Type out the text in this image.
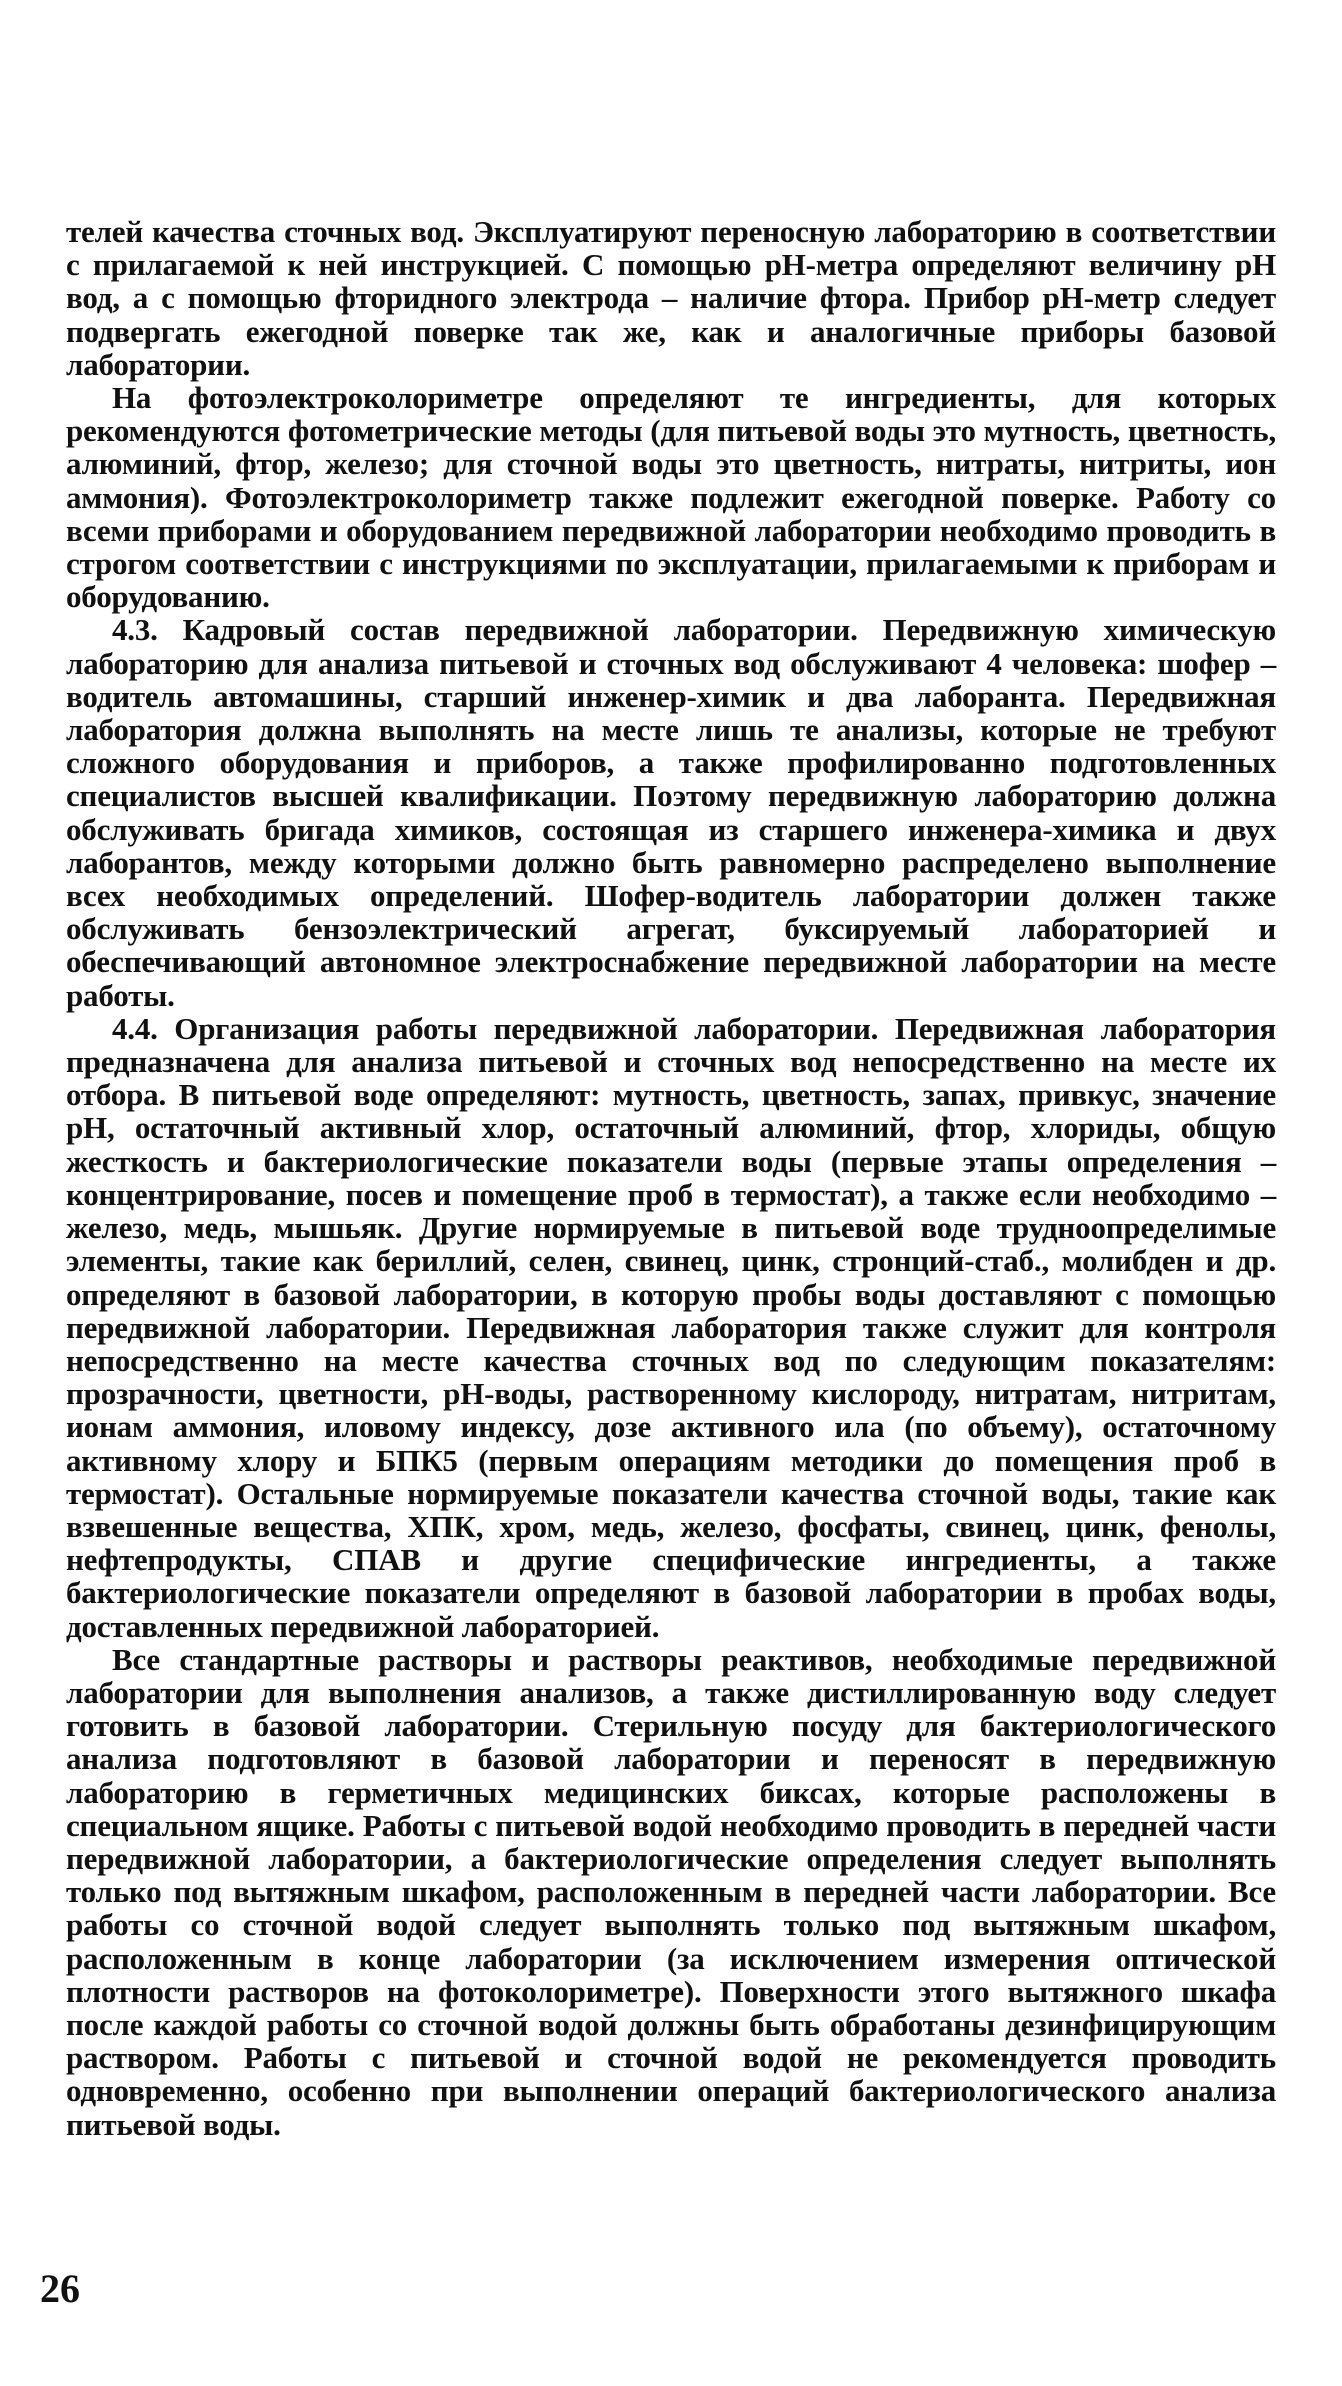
телей качества сточных вод. Эксплуатируют переносную лабораторию в соответствии с прилагаемой к ней инструкцией. С помощью рН-метра определяют величину рН вод, а с помощью фторидного электрода – наличие фтора. Прибор рН-метр следует подвергать ежегодной поверке так же, как и аналогичные приборы базовой лаборатории.

На фотоэлектроколориметре определяют те ингредиенты, для которых рекомендуются фотометрические методы (для питьевой воды это мутность, цветность, алюминий, фтор, железо; для сточной воды это цветность, нитраты, нитриты, ион аммония). Фотоэлектроколориметр также подлежит ежегодной поверке. Работу со всеми приборами и оборудованием передвижной лаборатории необходимо проводить в строгом соответствии с инструкциями по эксплуатации, прилагаемыми к приборам и оборудованию.

4.3. Кадровый состав передвижной лаборатории. Передвижную химическую лабораторию для анализа питьевой и сточных вод обслуживают 4 человека: шофер – водитель автомашины, старший инженер-химик и два лаборанта. Передвижная лаборатория должна выполнять на месте лишь те анализы, которые не требуют сложного оборудования и приборов, а также профилированно подготовленных специалистов высшей квалификации. Поэтому передвижную лабораторию должна обслуживать бригада химиков, состоящая из старшего инженера-химика и двух лаборантов, между которыми должно быть равномерно распределено выполнение всех необходимых определений. Шофер-водитель лаборатории должен также обслуживать бензоэлектрический агрегат, буксируемый лабораторией и обеспечивающий автономное электроснабжение передвижной лаборатории на месте работы.

4.4. Организация работы передвижной лаборатории. Передвижная лаборатория предназначена для анализа питьевой и сточных вод непосредственно на месте их отбора. В питьевой воде определяют: мутность, цветность, запах, привкус, значение рН, остаточный активный хлор, остаточный алюминий, фтор, хлориды, общую жесткость и бактериологические показатели воды (первые этапы определения – концентрирование, посев и помещение проб в термостат), а также если необходимо – железо, медь, мышьяк. Другие нормируемые в питьевой воде трудноопределимые элементы, такие как бериллий, селен, свинец, цинк, стронций-стаб., молибден и др. определяют в базовой лаборатории, в которую пробы воды доставляют с помощью передвижной лаборатории. Передвижная лаборатория также служит для контроля непосредственно на месте качества сточных вод по следующим показателям: прозрачности, цветности, рН-воды, растворенному кислороду, нитратам, нитритам, ионам аммония, иловому индексу, дозе активного ила (по объему), остаточному активному хлору и БПК5 (первым операциям методики до помещения проб в термостат). Остальные нормируемые показатели качества сточной воды, такие как взвешенные вещества, ХПК, хром, медь, железо, фосфаты, свинец, цинк, фенолы, нефтепродукты, СПАВ и другие специфические ингредиенты, а также бактериологические показатели определяют в базовой лаборатории в пробах воды, доставленных передвижной лабораторией.

Все стандартные растворы и растворы реактивов, необходимые передвижной лаборатории для выполнения анализов, а также дистиллированную воду следует готовить в базовой лаборатории. Стерильную посуду для бактериологического анализа подготовляют в базовой лаборатории и переносят в передвижную лабораторию в герметичных медицинских биксах, которые расположены в специальном ящике. Работы с питьевой водой необходимо проводить в передней части передвижной лаборатории, а бактериологические определения следует выполнять только под вытяжным шкафом, расположенным в передней части лаборатории. Все работы со сточной водой следует выполнять только под вытяжным шкафом, расположенным в конце лаборатории (за исключением измерения оптической плотности растворов на фотоколориметре). Поверхности этого вытяжного шкафа после каждой работы со сточной водой должны быть обработаны дезинфицирующим раствором. Работы с питьевой и сточной водой не рекомендуется проводить одновременно, особенно при выполнении операций бактериологического анализа питьевой воды.

26
